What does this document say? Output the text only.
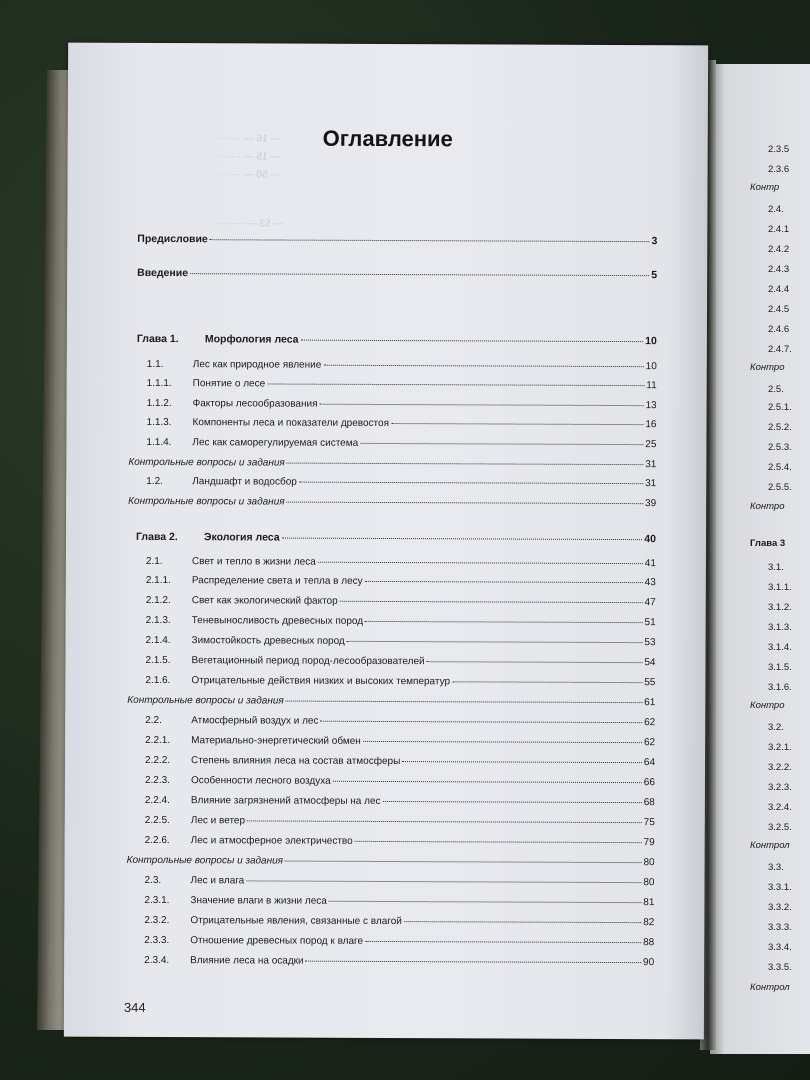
2.3.5
2.3.6
Контр
2.4.
2.4.1
2.4.2
2.4.3
2.4.4
2.4.5
2.4.6
2.4.7.
Контро
2.5.
2.5.1.
2.5.2.
2.5.3.
2.5.4.
2.5.5.
Контро
Глава 3
3.1.
3.1.1.
3.1.2.
3.1.3.
3.1.4.
3.1.5.
3.1.6.
Контро
3.2.
3.2.1.
3.2.2.
3.2.3.
3.2.4.
3.2.5.
Контрол
3.3.
3.3.1.
3.3.2.
3.3.3.
3.3.4.
3.3.5.
Контрол
— 16 — ·······
— 15 — ·······
— 50 — ·······
— 53 — ········
Оглавление
344
Предисловие	3
Введение	5
Глава 1.	Морфология леса	10
1.1.	Лес как природное явление	10
1.1.1.	Понятие о лесе	11
1.1.2.	Факторы лесообразования	13
1.1.3.	Компоненты леса и показатели древостоя	16
1.1.4.	Лес как саморегулируемая система	25
Контрольные вопросы и задания	31
1.2.	Ландшафт и водосбор	31
Контрольные вопросы и задания	39
Глава 2.	Экология леса	40
2.1.	Свет и тепло в жизни леса	41
2.1.1.	Распределение света и тепла в лесу	43
2.1.2.	Свет как экологический фактор	47
2.1.3.	Теневыносливость древесных пород	51
2.1.4.	Зимостойкость древесных пород	53
2.1.5.	Вегетационный период пород-лесообразователей	54
2.1.6.	Отрицательные действия низких и высоких температур	55
Контрольные вопросы и задания	61
2.2.	Атмосферный воздух и лес	62
2.2.1.	Материально-энергетический обмен	62
2.2.2.	Степень влияния леса на состав атмосферы	64
2.2.3.	Особенности лесного воздуха	66
2.2.4.	Влияние загрязнений атмосферы на лес	68
2.2.5.	Лес и ветер	75
2.2.6.	Лес и атмосферное электричество	79
Контрольные вопросы и задания	80
2.3.	Лес и влага	80
2.3.1.	Значение влаги в жизни леса	81
2.3.2.	Отрицательные явления, связанные с влагой	82
2.3.3.	Отношение древесных пород к влаге	88
2.3.4.	Влияние леса на осадки	90
